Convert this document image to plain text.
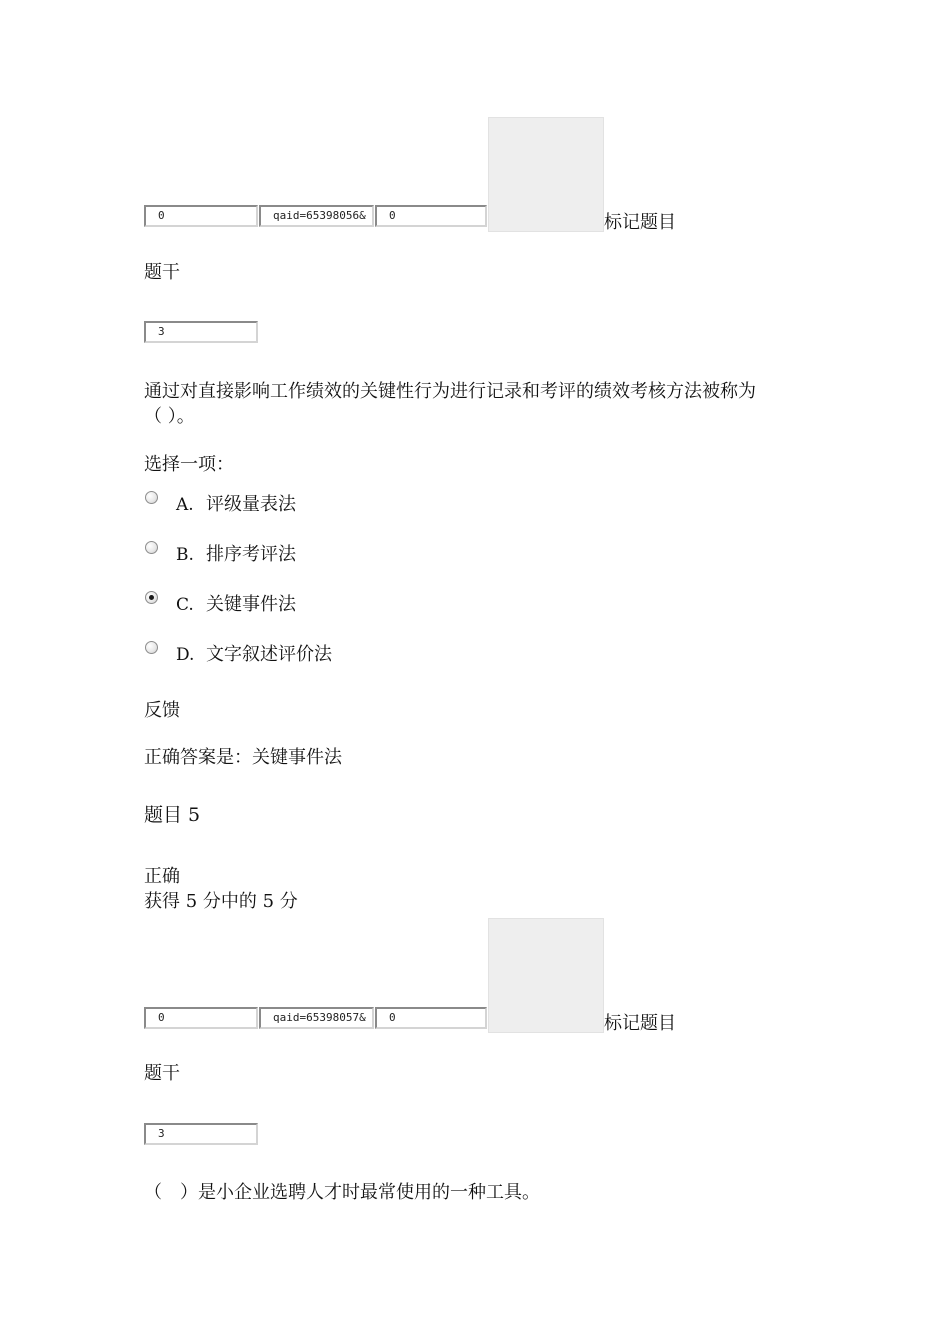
0	qaid=65398056&	0	标记题目
题干
3
通过对直接影响工作绩效的关键性行为进行记录和考评的绩效考核方法被称为
（ ）。
选择一项：
A. 评级量表法
B. 排序考评法
C. 关键事件法
D. 文字叙述评价法
反馈
正确答案是：关键事件法
题目 5
正确
获得 5 分中的 5 分
0	qaid=65398057&	0	标记题目
题干
3
（　）是小企业选聘人才时最常使用的一种工具。
